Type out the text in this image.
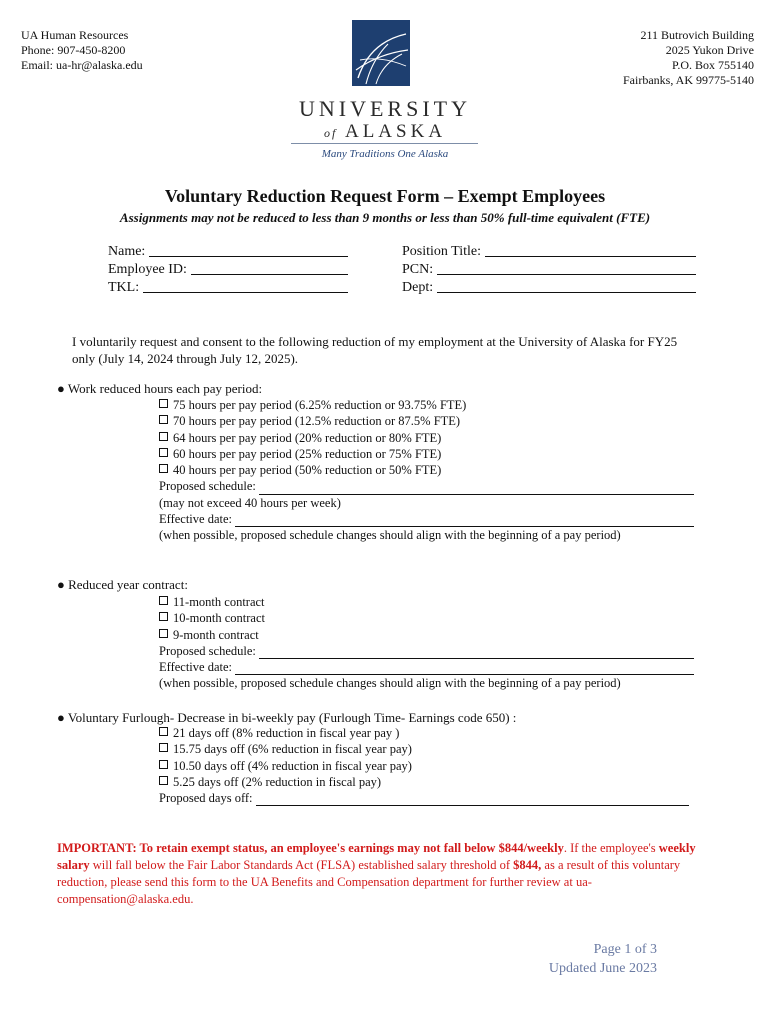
UA Human Resources
Phone: 907-450-8200
Email: ua-hr@alaska.edu
211 Butrovich Building
2025 Yukon Drive
P.O. Box 755140
Fairbanks, AK 99775-5140
UNIVERSITY
of ALASKA
Many Traditions One Alaska
Voluntary Reduction Request Form – Exempt Employees
Assignments may not be reduced to less than 9 months or less than 50% full-time equivalent (FTE)
Name:
Employee ID:
TKL:
Position Title:
PCN:
Dept:
I voluntarily request and consent to the following reduction of my employment at the University of Alaska for FY25 only (July 14, 2024 through July 12, 2025).
● Work reduced hours each pay period:
75 hours per pay period (6.25% reduction or 93.75% FTE)
70 hours per pay period (12.5% reduction or 87.5% FTE)
64 hours per pay period (20% reduction or 80% FTE)
60 hours per pay period (25% reduction or 75% FTE)
40 hours per pay period (50% reduction or 50% FTE)
Proposed schedule:
(may not exceed 40 hours per week)
Effective date:
(when possible, proposed schedule changes should align with the beginning of a pay period)
● Reduced year contract:
11-month contract
10-month contract
9-month contract
Proposed schedule:
Effective date:
(when possible, proposed schedule changes should align with the beginning of a pay period)
● Voluntary Furlough- Decrease in bi-weekly pay (Furlough Time- Earnings code 650) :
21 days off (8% reduction in fiscal year pay )
15.75 days off (6% reduction in fiscal year pay)
10.50 days off (4% reduction in fiscal year pay)
5.25 days off (2% reduction in fiscal pay)
Proposed days off:
IMPORTANT: To retain exempt status, an employee's earnings may not fall below $844/weekly. If the employee's weekly salary will fall below the Fair Labor Standards Act (FLSA) established salary threshold of $844, as a result of this voluntary reduction, please send this form to the UA Benefits and Compensation department for further review at ua-compensation@alaska.edu.
Page 1 of 3
Updated June 2023
